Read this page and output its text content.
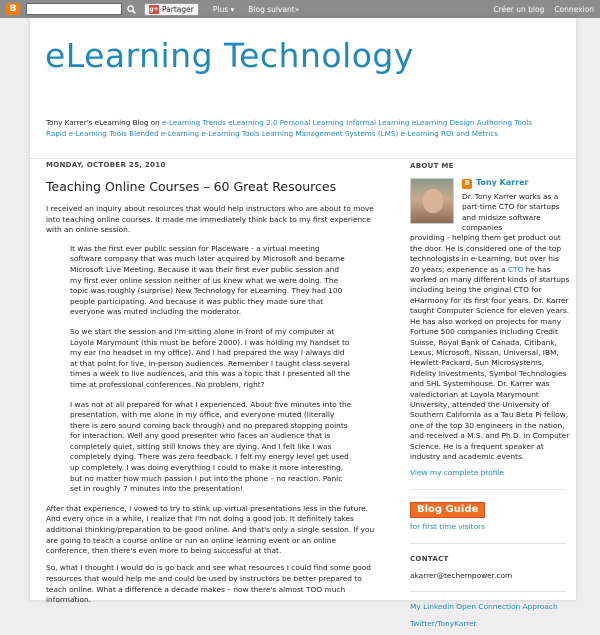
B	g+ Partager	Plus ▾ Blog suivant»	Créer un blog Connexion
eLearning Technology
Tony Karrer's eLearning Blog on e-Learning Trends eLearning 2.0 Personal Learning Informal Learning eLearning Design Authoring Tools
Rapid e-Learning Tools Blended e-Learning e-Learning Tools Learning Management Systems (LMS) e-Learning ROI and Metrics
MONDAY, OCTOBER 25, 2010
Teaching Online Courses – 60 Great Resources

I received an inquiry about resources that would help instructors who are about to move into teaching online courses. It made me immediately think back to my first experience with an online session.

It was the first ever public session for Placeware - a virtual meeting software company that was much later acquired by Microsoft and became Microsoft Live Meeting. Because it was their first ever public session and my first ever online session neither of us knew what we were doing. The topic was roughly (surprise) New Technology for eLearning. They had 100 people participating. And because it was public they made sure that everyone was muted including the moderator.

So we start the session and I'm sitting alone in front of my computer at Loyola Marymount (this must be before 2000). I was holding my handset to my ear (no headset in my office). And I had prepared the way I always did at that point for live, in-person audiences. Remember I taught class several times a week to live audiences, and this was a topic that I presented all the time at professional conferences. No problem, right?

I was not at all prepared for what I experienced. About five minutes into the presentation, with me alone in my office, and everyone muted (literally there is zero sound coming back through) and no prepared stopping points for interaction. Well any good presenter who faces an audience that is completely quiet, sitting still knows they are dying. And I felt like I was completely dying. There was zero feedback. I felt my energy level get used up completely. I was doing everything I could to make it more interesting, but no matter how much passion I put into the phone – no reaction. Panic set in roughly 7 minutes into the presentation!

After that experience, I vowed to try to stink up virtual presentations less in the future. And every once in a while, I realize that I'm not doing a good job. It definitely takes additional thinking/preparation to be good online. And that's only a single session. If you are going to teach a course online or run an online learning event or an online conference, then there's even more to being successful at that.

So, what I thought I would do is go back and see what resources I could find some good resources that would help me and could be used by instructors be better prepared to teach online. What a difference a decade makes – now there's almost TOO much information.

ABOUT ME
B Tony Karrer
Dr. Tony Karrer works as a part-time CTO for startups and midsize software companies
providing - helping them get product out the door. He is considered one of the top technologists in e-Learning, but over his 20 years; experience as a CTO he has worked on many different kinds of startups including being the original CTO for eHarmony for its first four years. Dr. Karrer taught Computer Science for eleven years. He has also worked on projects for many Fortune 500 companies including Credit Suisse, Royal Bank of Canada, Citibank, Lexus, Microsoft, Nissan, Universal, IBM, Hewlett-Packard, Sun Microsystems, Fidelity Investments, Symbol Technologies and SHL Systemhouse. Dr. Karrer was valedictorian at Loyola Marymount University, attended the University of Southern California as a Tau Beta Pi fellow, one of the top 30 engineers in the nation, and received a M.S. and Ph.D. in Computer Science. He is a frequent speaker at industry and academic events.
View my complete profile
Blog Guide
for first time visitors
CONTACT
akarrer@techempower.com
My Linkedin Open Connection Approach
Twitter/TonyKarrer
